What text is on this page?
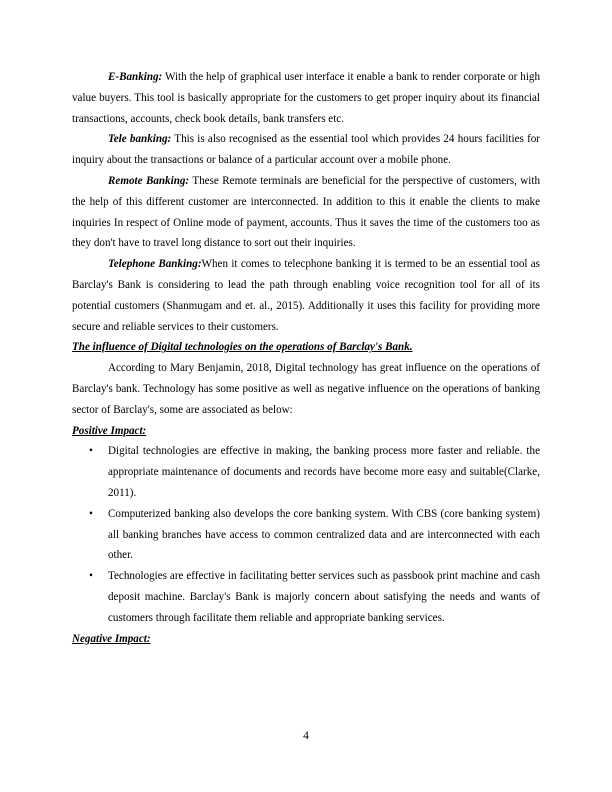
E-Banking: With the help of graphical user interface it enable a bank to render corporate or high value buyers. This tool is basically appropriate for the customers to get proper inquiry about its financial transactions, accounts, check book details, bank transfers etc.

Tele banking: This is also recognised as the essential tool which provides 24 hours facilities for inquiry about the transactions or balance of a particular account over a mobile phone.

Remote Banking: These Remote terminals are beneficial for the perspective of customers, with the help of this different customer are interconnected. In addition to this it enable the clients to make inquiries In respect of Online mode of payment, accounts. Thus it saves the time of the customers too as they don't have to travel long distance to sort out their inquiries.

Telephone Banking:When it comes to telecphone banking it is termed to be an essential tool as Barclay's Bank is considering to lead the path through enabling voice recognition tool for all of its potential customers (Shanmugam and et. al., 2015). Additionally it uses this facility for providing more secure and reliable services to their customers.

The influence of Digital technologies on the operations of Barclay's Bank.

According to Mary Benjamin, 2018, Digital technology has great influence on the operations of Barclay's bank. Technology has some positive as well as negative influence on the operations of banking sector of Barclay's, some are associated as below:

Positive Impact:

• Digital technologies are effective in making, the banking process more faster and reliable. the appropriate maintenance of documents and records have become more easy and suitable(Clarke, 2011).
• Computerized banking also develops the core banking system. With CBS (core banking system) all banking branches have access to common centralized data and are interconnected with each other.
• Technologies are effective in facilitating better services such as passbook print machine and cash deposit machine. Barclay's Bank is majorly concern about satisfying the needs and wants of customers through facilitate them reliable and appropriate banking services.

Negative Impact:

4
